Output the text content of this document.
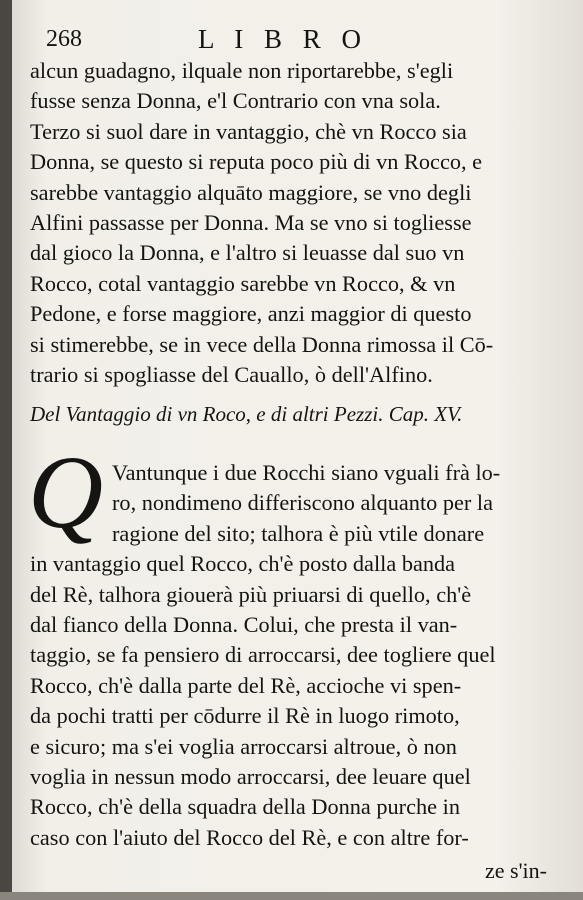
268	L I B R O
alcun guadagno, ilquale non riportarebbe, s'egli
fusse senza Donna, e'l Contrario con vna sola.
Terzo si suol dare in vantaggio, chè vn Rocco sia
Donna, se questo si reputa poco più di vn Rocco, e
sarebbe vantaggio alquāto maggiore, se vno degli
Alfini passasse per Donna. Ma se vno si togliesse
dal gioco la Donna, e l'altro si leuasse dal suo vn
Rocco, cotal vantaggio sarebbe vn Rocco, & vn
Pedone, e forse maggiore, anzi maggior di questo
si stimerebbe, se in vece della Donna rimossa il Cō-
trario si spogliasse del Cauallo, ò dell'Alfino.
Del Vantaggio di vn Roco, e di altri Pezzi. Cap. XV.
Q Vantunque i due Rocchi siano vguali frà lo-
ro, nondimeno differiscono alquanto per la
ragione del sito; talhora è più vtile donare
in vantaggio quel Rocco, ch'è posto dalla banda
del Rè, talhora giouerà più priuarsi di quello, ch'è
dal fianco della Donna. Colui, che presta il van-
taggio, se fa pensiero di arroccarsi, dee togliere quel
Rocco, ch'è dalla parte del Rè, accioche vi spen-
da pochi tratti per cōdurre il Rè in luogo rimoto,
e sicuro; ma s'ei voglia arroccarsi altroue, ò non
voglia in nessun modo arroccarsi, dee leuare quel
Rocco, ch'è della squadra della Donna purche in
caso con l'aiuto del Rocco del Rè, e con altre for-
ze s'in-
